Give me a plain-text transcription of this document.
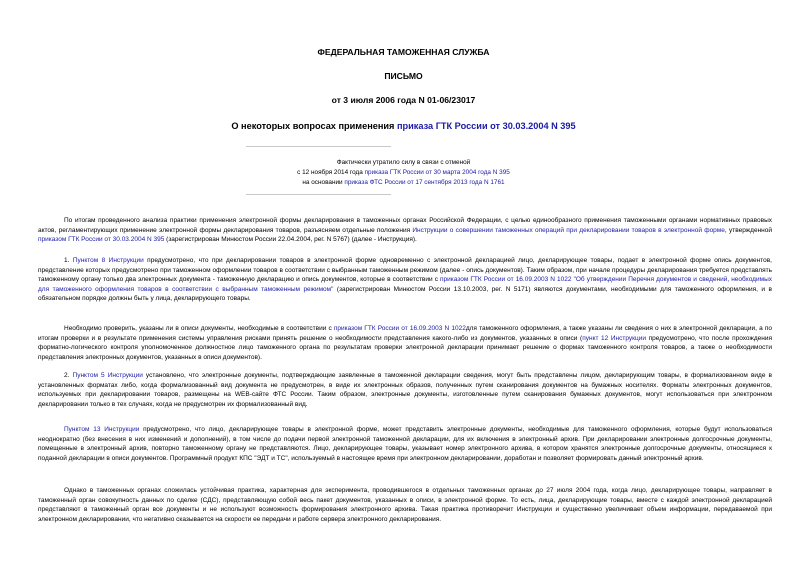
ФЕДЕРАЛЬНАЯ ТАМОЖЕННАЯ СЛУЖБА
ПИСЬМО
от 3 июля 2006 года N 01-06/23017
О некоторых вопросах применения приказа ГТК России от 30.03.2004 N 395
Фактически утратило силу в связи с отменой
с 12 ноября 2014 года приказа ГТК России от 30 марта 2004 года N 395
на основании приказа ФТС России от 17 сентября 2013 года N 1761

По итогам проведенного анализа практики применения электронной формы декларирования в таможенных органах Российской Федерации, с целью единообразного применения таможенными органами нормативных правовых актов, регламентирующих применение электронной формы декларирования товаров, разъясняем отдельные положения Инструкции о совершении таможенных операций при декларировании товаров в электронной форме, утвержденной приказом ГТК России от 30.03.2004 N 395 (зарегистрирован Минюстом России 22.04.2004, рег. N 5767) (далее - Инструкция).

1. Пунктом 8 Инструкции предусмотрено, что при декларировании товаров в электронной форме одновременно с электронной декларацией лицо, декларирующее товары, подает в электронной форме опись документов, представление которых предусмотрено при таможенном оформлении товаров в соответствии с выбранным таможенным режимом (далее - опись документов). Таким образом, при начале процедуры декларирования требуется представлять таможенному органу только два электронных документа - таможенную декларацию и опись документов, которые в соответствии с приказом ГТК России от 16.09.2003 N 1022 "Об утверждении Перечня документов и сведений, необходимых для таможенного оформления товаров в соответствии с выбранным таможенным режимом" (зарегистрирован Минюстом России 13.10.2003, рег. N 5171) являются документами, необходимыми для таможенного оформления, и в обязательном порядке должны быть у лица, декларирующего товары.

Необходимо проверить, указаны ли в описи документы, необходимые в соответствии с приказом ГТК России от 16.09.2003 N 1022для таможенного оформления, а также указаны ли сведения о них в электронной декларации, а по итогам проверки и в результате применения системы управления рисками принять решение о необходимости представления какого-либо из документов, указанных в описи (пункт 12 Инструкции предусмотрено, что после прохождения форматно-логического контроля уполномоченное должностное лицо таможенного органа по результатам проверки электронной декларации принимает решение о формах таможенного контроля товаров, а также о необходимости представления электронных документов, указанных в описи документов).

2. Пунктом 5 Инструкции установлено, что электронные документы, подтверждающие заявленные в таможенной декларации сведения, могут быть представлены лицом, декларирующим товары, в формализованном виде в установленных форматах либо, когда формализованный вид документа не предусмотрен, в виде их электронных образов, полученных путем сканирования документов на бумажных носителях. Форматы электронных документов, используемых при декларировании товаров, размещены на WEB-сайте ФТС России. Таким образом, электронные документы, изготовленные путем сканирования бумажных документов, могут использоваться при электронном декларировании только в тех случаях, когда не предусмотрен их формализованный вид.

Пунктом 13 Инструкции предусмотрено, что лицо, декларирующее товары в электронной форме, может представить электронные документы, необходимые для таможенного оформления, которые будут использоваться неоднократно (без внесения в них изменений и дополнений), в том числе до подачи первой электронной таможенной декларации, для их включения в электронный архив. При декларировании электронные долгосрочные документы, помещенные в электронный архив, повторно таможенному органу не представляются. Лицо, декларирующее товары, указывает номер электронного архива, в котором хранятся электронные долгосрочные документы, относящиеся к поданной декларации в описи документов. Программный продукт КПС "ЭДТ и ТС", используемый в настоящее время при электронном декларировании, доработан и позволяет формировать данный электронный архив.

Однако в таможенных органах сложилась устойчивая практика, характерная для эксперимента, проводившегося в отдельных таможенных органах до 27 июля 2004 года, когда лицо, декларирующее товары, направляет в таможенный орган совокупность данных по сделке (СДС), представляющую собой весь пакет документов, указанных в описи, в электронной форме. То есть, лица, декларирующие товары, вместе с каждой электронной декларацией представляют в таможенный орган все документы и не используют возможность формирования электронного архива. Такая практика противоречит Инструкции и существенно увеличивает объем информации, передаваемой при электронном декларировании, что негативно сказывается на скорости ее передачи и работе сервера электронного декларирования.
